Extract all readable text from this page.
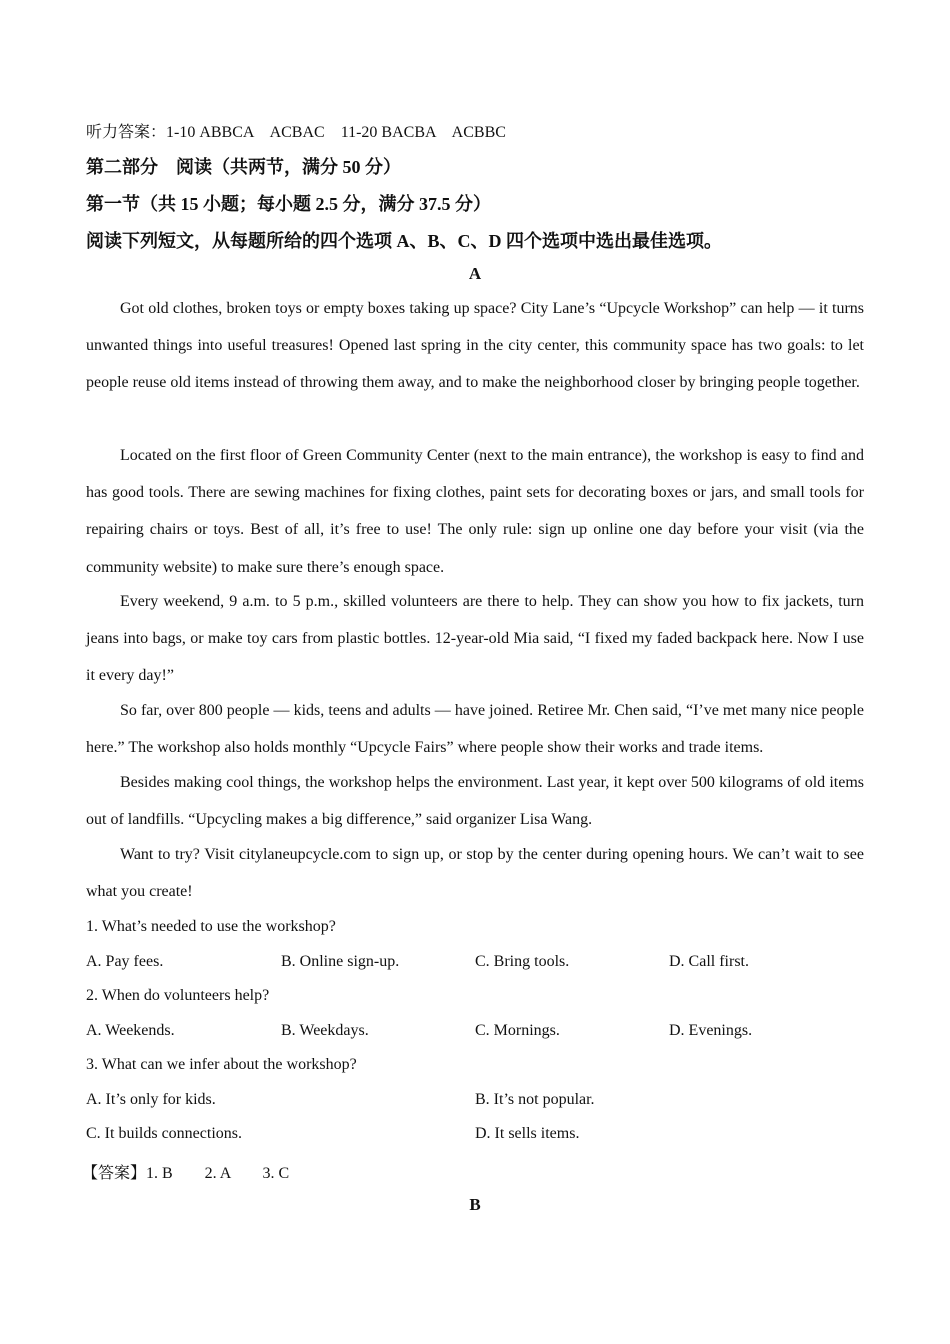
听力答案：1-10 ABBCA　ACBAC　11-20 BACBA　ACBBC
第二部分　阅读（共两节，满分 50 分）
第一节（共 15 小题；每小题 2.5 分，满分 37.5 分）
阅读下列短文，从每题所给的四个选项 A、B、C、D 四个选项中选出最佳选项。
A

Got old clothes, broken toys or empty boxes taking up space? City Lane’s “Upcycle Workshop” can help — it turns unwanted things into useful treasures! Opened last spring in the city center, this community space has two goals: to let people reuse old items instead of throwing them away, and to make the neighborhood closer by bringing people together.

Located on the first floor of Green Community Center (next to the main entrance), the workshop is easy to find and has good tools. There are sewing machines for fixing clothes, paint sets for decorating boxes or jars, and small tools for repairing chairs or toys. Best of all, it’s free to use! The only rule: sign up online one day before your visit (via the community website) to make sure there’s enough space.

Every weekend, 9 a.m. to 5 p.m., skilled volunteers are there to help. They can show you how to fix jackets, turn jeans into bags, or make toy cars from plastic bottles. 12-year-old Mia said, “I fixed my faded backpack here. Now I use it every day!”

So far, over 800 people — kids, teens and adults — have joined. Retiree Mr. Chen said, “I’ve met many nice people here.” The workshop also holds monthly “Upcycle Fairs” where people show their works and trade items.

Besides making cool things, the workshop helps the environment. Last year, it kept over 500 kilograms of old items out of landfills. “Upcycling makes a big difference,” said organizer Lisa Wang.

Want to try? Visit citylaneupcycle.com to sign up, or stop by the center during opening hours. We can’t wait to see what you create!

1. What’s needed to use the workshop?
A. Pay fees.	B. Online sign-up.	C. Bring tools.	D. Call first.
2. When do volunteers help?
A. Weekends.	B. Weekdays.	C. Mornings.	D. Evenings.
3. What can we infer about the workshop?
A. It’s only for kids.	B. It’s not popular.
C. It builds connections.	D. It sells items.
【答案】1. B　　2. A　　3. C
B
